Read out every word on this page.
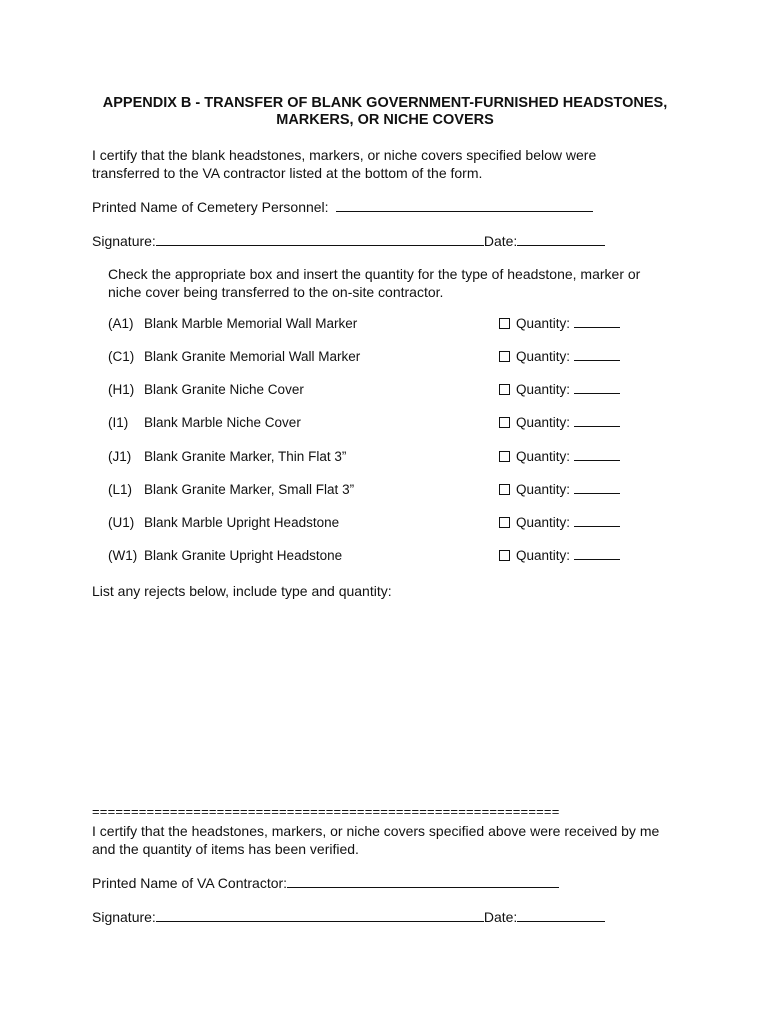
APPENDIX B - TRANSFER OF BLANK GOVERNMENT-FURNISHED HEADSTONES,
MARKERS, OR NICHE COVERS
I certify that the blank headstones, markers, or niche covers specified below were
transferred to the VA contractor listed at the bottom of the form.
Printed Name of Cemetery Personnel:
Signature:	Date:
Check the appropriate box and insert the quantity for the type of headstone, marker or
niche cover being transferred to the on-site contractor.
(A1) Blank Marble Memorial Wall Marker	Quantity:
(C1) Blank Granite Memorial Wall Marker	Quantity:
(H1) Blank Granite Niche Cover	Quantity:
(I1) Blank Marble Niche Cover	Quantity:
(J1) Blank Granite Marker, Thin Flat 3”	Quantity:
(L1) Blank Granite Marker, Small Flat 3”	Quantity:
(U1) Blank Marble Upright Headstone	Quantity:
(W1) Blank Granite Upright Headstone	Quantity:
List any rejects below, include type and quantity:
============================================================
I certify that the headstones, markers, or niche covers specified above were received by me
and the quantity of items has been verified.
Printed Name of VA Contractor:
Signature:	Date:
